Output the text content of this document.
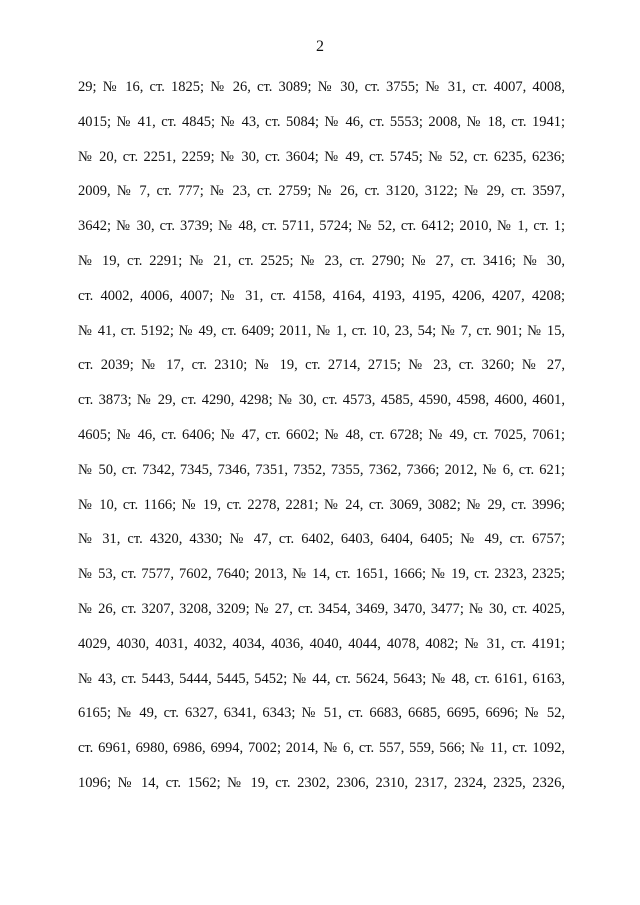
2
29; № 16, ст. 1825; № 26, ст. 3089; № 30, ст. 3755; № 31, ст. 4007, 4008,
4015; № 41, ст. 4845; № 43, ст. 5084; № 46, ст. 5553; 2008, № 18, ст. 1941;
№ 20, ст. 2251, 2259; № 30, ст. 3604; № 49, ст. 5745; № 52, ст. 6235, 6236;
2009, № 7, ст. 777; № 23, ст. 2759; № 26, ст. 3120, 3122; № 29, ст. 3597,
3642; № 30, ст. 3739; № 48, ст. 5711, 5724; № 52, ст. 6412; 2010, № 1, ст. 1;
№ 19, ст. 2291; № 21, ст. 2525; № 23, ст. 2790; № 27, ст. 3416; № 30,
ст. 4002, 4006, 4007; № 31, ст. 4158, 4164, 4193, 4195, 4206, 4207, 4208;
№ 41, ст. 5192; № 49, ст. 6409; 2011, № 1, ст. 10, 23, 54; № 7, ст. 901; № 15,
ст. 2039; № 17, ст. 2310; № 19, ст. 2714, 2715; № 23, ст. 3260; № 27,
ст. 3873; № 29, ст. 4290, 4298; № 30, ст. 4573, 4585, 4590, 4598, 4600, 4601,
4605; № 46, ст. 6406; № 47, ст. 6602; № 48, ст. 6728; № 49, ст. 7025, 7061;
№ 50, ст. 7342, 7345, 7346, 7351, 7352, 7355, 7362, 7366; 2012, № 6, ст. 621;
№ 10, ст. 1166; № 19, ст. 2278, 2281; № 24, ст. 3069, 3082; № 29, ст. 3996;
№ 31, ст. 4320, 4330; № 47, ст. 6402, 6403, 6404, 6405; № 49, ст. 6757;
№ 53, ст. 7577, 7602, 7640; 2013, № 14, ст. 1651, 1666; № 19, ст. 2323, 2325;
№ 26, ст. 3207, 3208, 3209; № 27, ст. 3454, 3469, 3470, 3477; № 30, ст. 4025,
4029, 4030, 4031, 4032, 4034, 4036, 4040, 4044, 4078, 4082; № 31, ст. 4191;
№ 43, ст. 5443, 5444, 5445, 5452; № 44, ст. 5624, 5643; № 48, ст. 6161, 6163,
6165; № 49, ст. 6327, 6341, 6343; № 51, ст. 6683, 6685, 6695, 6696; № 52,
ст. 6961, 6980, 6986, 6994, 7002; 2014, № 6, ст. 557, 559, 566; № 11, ст. 1092,
1096; № 14, ст. 1562; № 19, ст. 2302, 2306, 2310, 2317, 2324, 2325, 2326,
